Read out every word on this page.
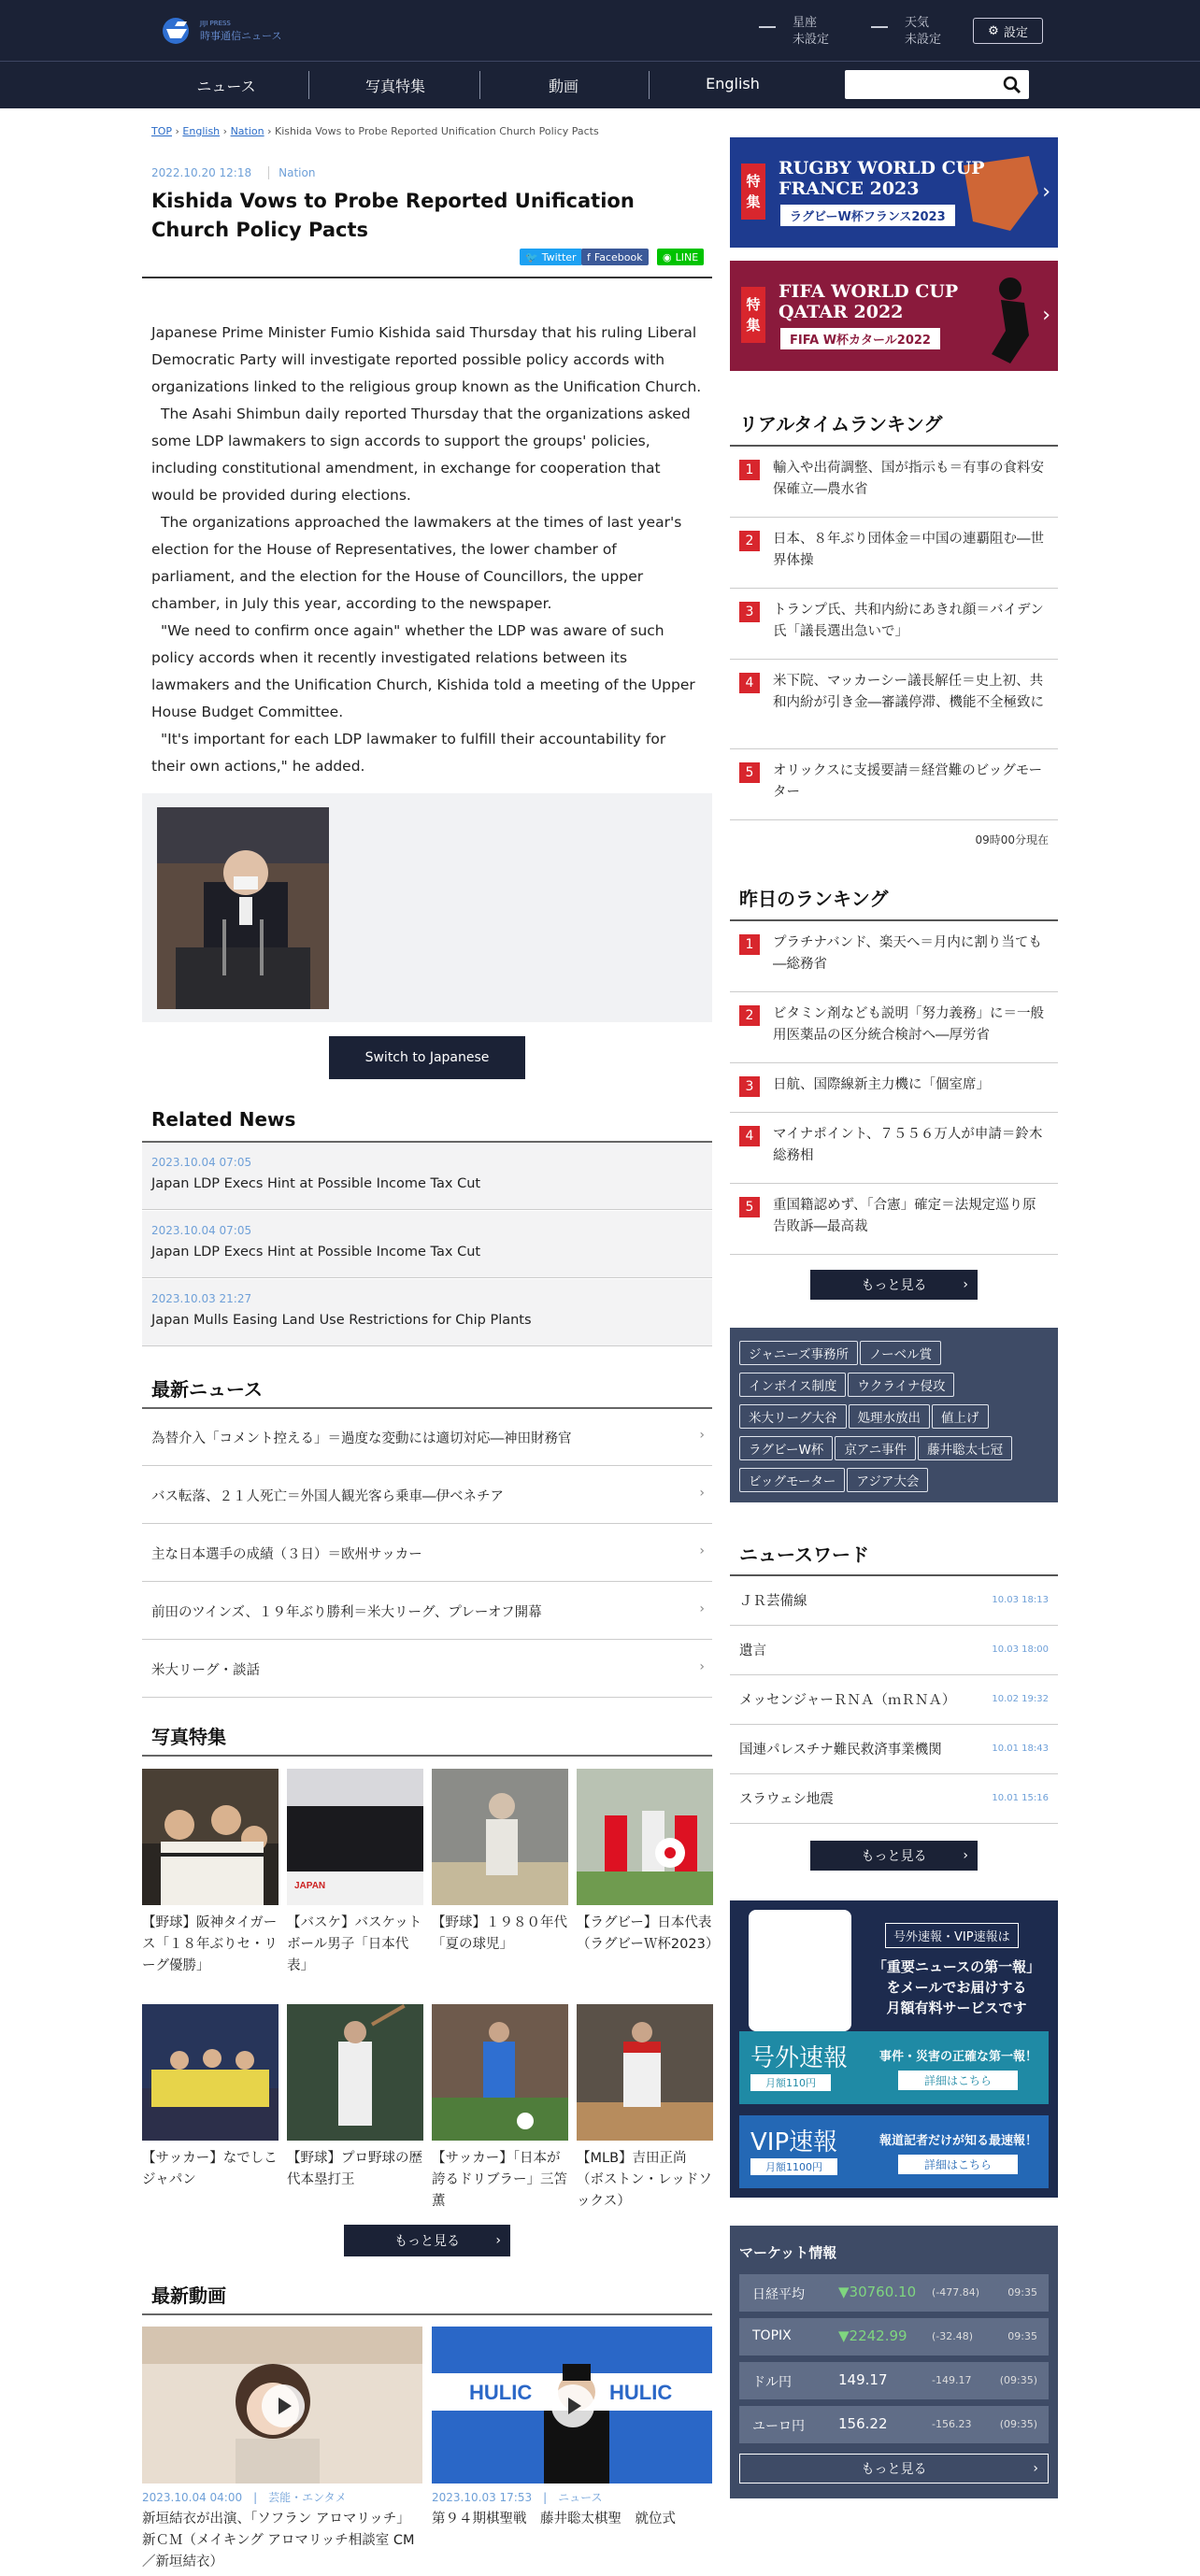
JIJI PRESS
時事通信ニュース
星座
未設定
天気
未設定
⚙ 設定
ニュース	写真特集	動画	English
TOP › English › Nation › Kishida Vows to Probe Reported Unification Church Policy Pacts
2022.10.20 12:18 Nation
Kishida Vows to Probe Reported Unification Church Policy Pacts
🐦 Twitter f Facebook ◉ LINE

Japanese Prime Minister Fumio Kishida said Thursday that his ruling Liberal Democratic Party will investigate reported possible policy accords with organizations linked to the religious group known as the Unification Church.

The Asahi Shimbun daily reported Thursday that the organizations asked some LDP lawmakers to sign accords to support the groups' policies, including constitutional amendment, in exchange for cooperation that would be provided during elections.

The organizations approached the lawmakers at the times of last year's election for the House of Representatives, the lower chamber of parliament, and the election for the House of Councillors, the upper chamber, in July this year, according to the newspaper.

"We need to confirm once again" whether the LDP was aware of such policy accords when it recently investigated relations between its lawmakers and the Unification Church, Kishida told a meeting of the Upper House Budget Committee.

"It's important for each LDP lawmaker to fulfill their accountability for their own actions," he added.

Switch to Japanese
Related News
2023.10.04 07:05
Japan LDP Execs Hint at Possible Income Tax Cut
2023.10.04 07:05
Japan LDP Execs Hint at Possible Income Tax Cut
2023.10.03 21:27
Japan Mulls Easing Land Use Restrictions for Chip Plants
最新ニュース
為替介入「コメント控える」＝過度な変動には適切対応―神田財務官	›
バス転落、２１人死亡＝外国人観光客ら乗車―伊ベネチア	›
主な日本選手の成績（３日）＝欧州サッカー	›
前田のツインズ、１９年ぶり勝利＝米大リーグ、プレーオフ開幕	›
米大リーグ・談話	›
写真特集
【野球】阪神タイガース「１８年ぶりセ・リーグ優勝」
JAPAN
【バスケ】バスケットボール男子「日本代表」
【野球】１９８０年代「夏の球児」
【ラグビー】日本代表（ラグビーＷ杯2023）
【サッカー】なでしこジャパン
【野球】プロ野球の歴代本塁打王
【サッカー】「日本が誇るドリブラー」三笘薫
【MLB】吉田正尚（ボストン・レッドソックス）
もっと見る	›
最新動画
2023.10.04 04:00　|　芸能・エンタメ
新垣結衣が出演、「ソフラン アロマリッチ」新ＣＭ（メイキング アロマリッチ相談室 CM／新垣結衣）
HULIC	HULIC
2023.10.03 17:53　|　ニュース
第９４期棋聖戦　藤井聡太棋聖　就位式
特集
RUGBY WORLD CUP
FRANCE 2023
ラグビーW杯フランス2023
›
特集
FIFA WORLD CUP
QATAR 2022
FIFA W杯カタール2022
›
リアルタイムランキング
1	輸入や出荷調整、国が指示も＝有事の食料安保確立―農水省
2	日本、８年ぶり団体金＝中国の連覇阻む―世界体操
3	トランプ氏、共和内紛にあきれ顔＝バイデン氏「議長選出急いで」
4	米下院、マッカーシー議長解任＝史上初、共和内紛が引き金―審議停滞、機能不全極致に
5	オリックスに支援要請＝経営難のビッグモーター
09時00分現在
昨日のランキング
1	プラチナバンド、楽天へ＝月内に割り当ても―総務省
2	ビタミン剤なども説明「努力義務」に＝一般用医薬品の区分統合検討へ―厚労省
3	日航、国際線新主力機に「個室席」
4	マイナポイント、７５５６万人が申請＝鈴木総務相
5	重国籍認めず、「合憲」確定＝法規定巡り原告敗訴―最高裁
もっと見る	›
ジャニーズ事務所 ノーベル賞
インボイス制度 ウクライナ侵攻
米大リーグ大谷 処理水放出 値上げ
ラグビーW杯 京アニ事件 藤井聡太七冠
ビッグモーター アジア大会
ニュースワード
ＪＲ芸備線	10.03 18:13
遺言	10.03 18:00
メッセンジャーＲＮＡ（ｍＲＮＡ）	10.02 19:32
国連パレスチナ難民救済事業機関	10.01 18:43
スラウェシ地震	10.01 15:16
もっと見る	›
号外速報・VIP速報は
「重要ニュースの第一報」
をメールでお届けする
月額有料サービスです
号外速報
月額110円
事件・災害の正確な第一報！
詳細はこちら
VIP速報
月額1100円
報道記者だけが知る最速報！
詳細はこちら
マーケット情報
日経平均 ▼30760.10 (-477.84)	09:35
TOPIX	▼2242.99 (-32.48)	09:35
ドル円	149.17	-149.17	(09:35)
ユーロ円 156.22	-156.23	(09:35)
もっと見る	›
